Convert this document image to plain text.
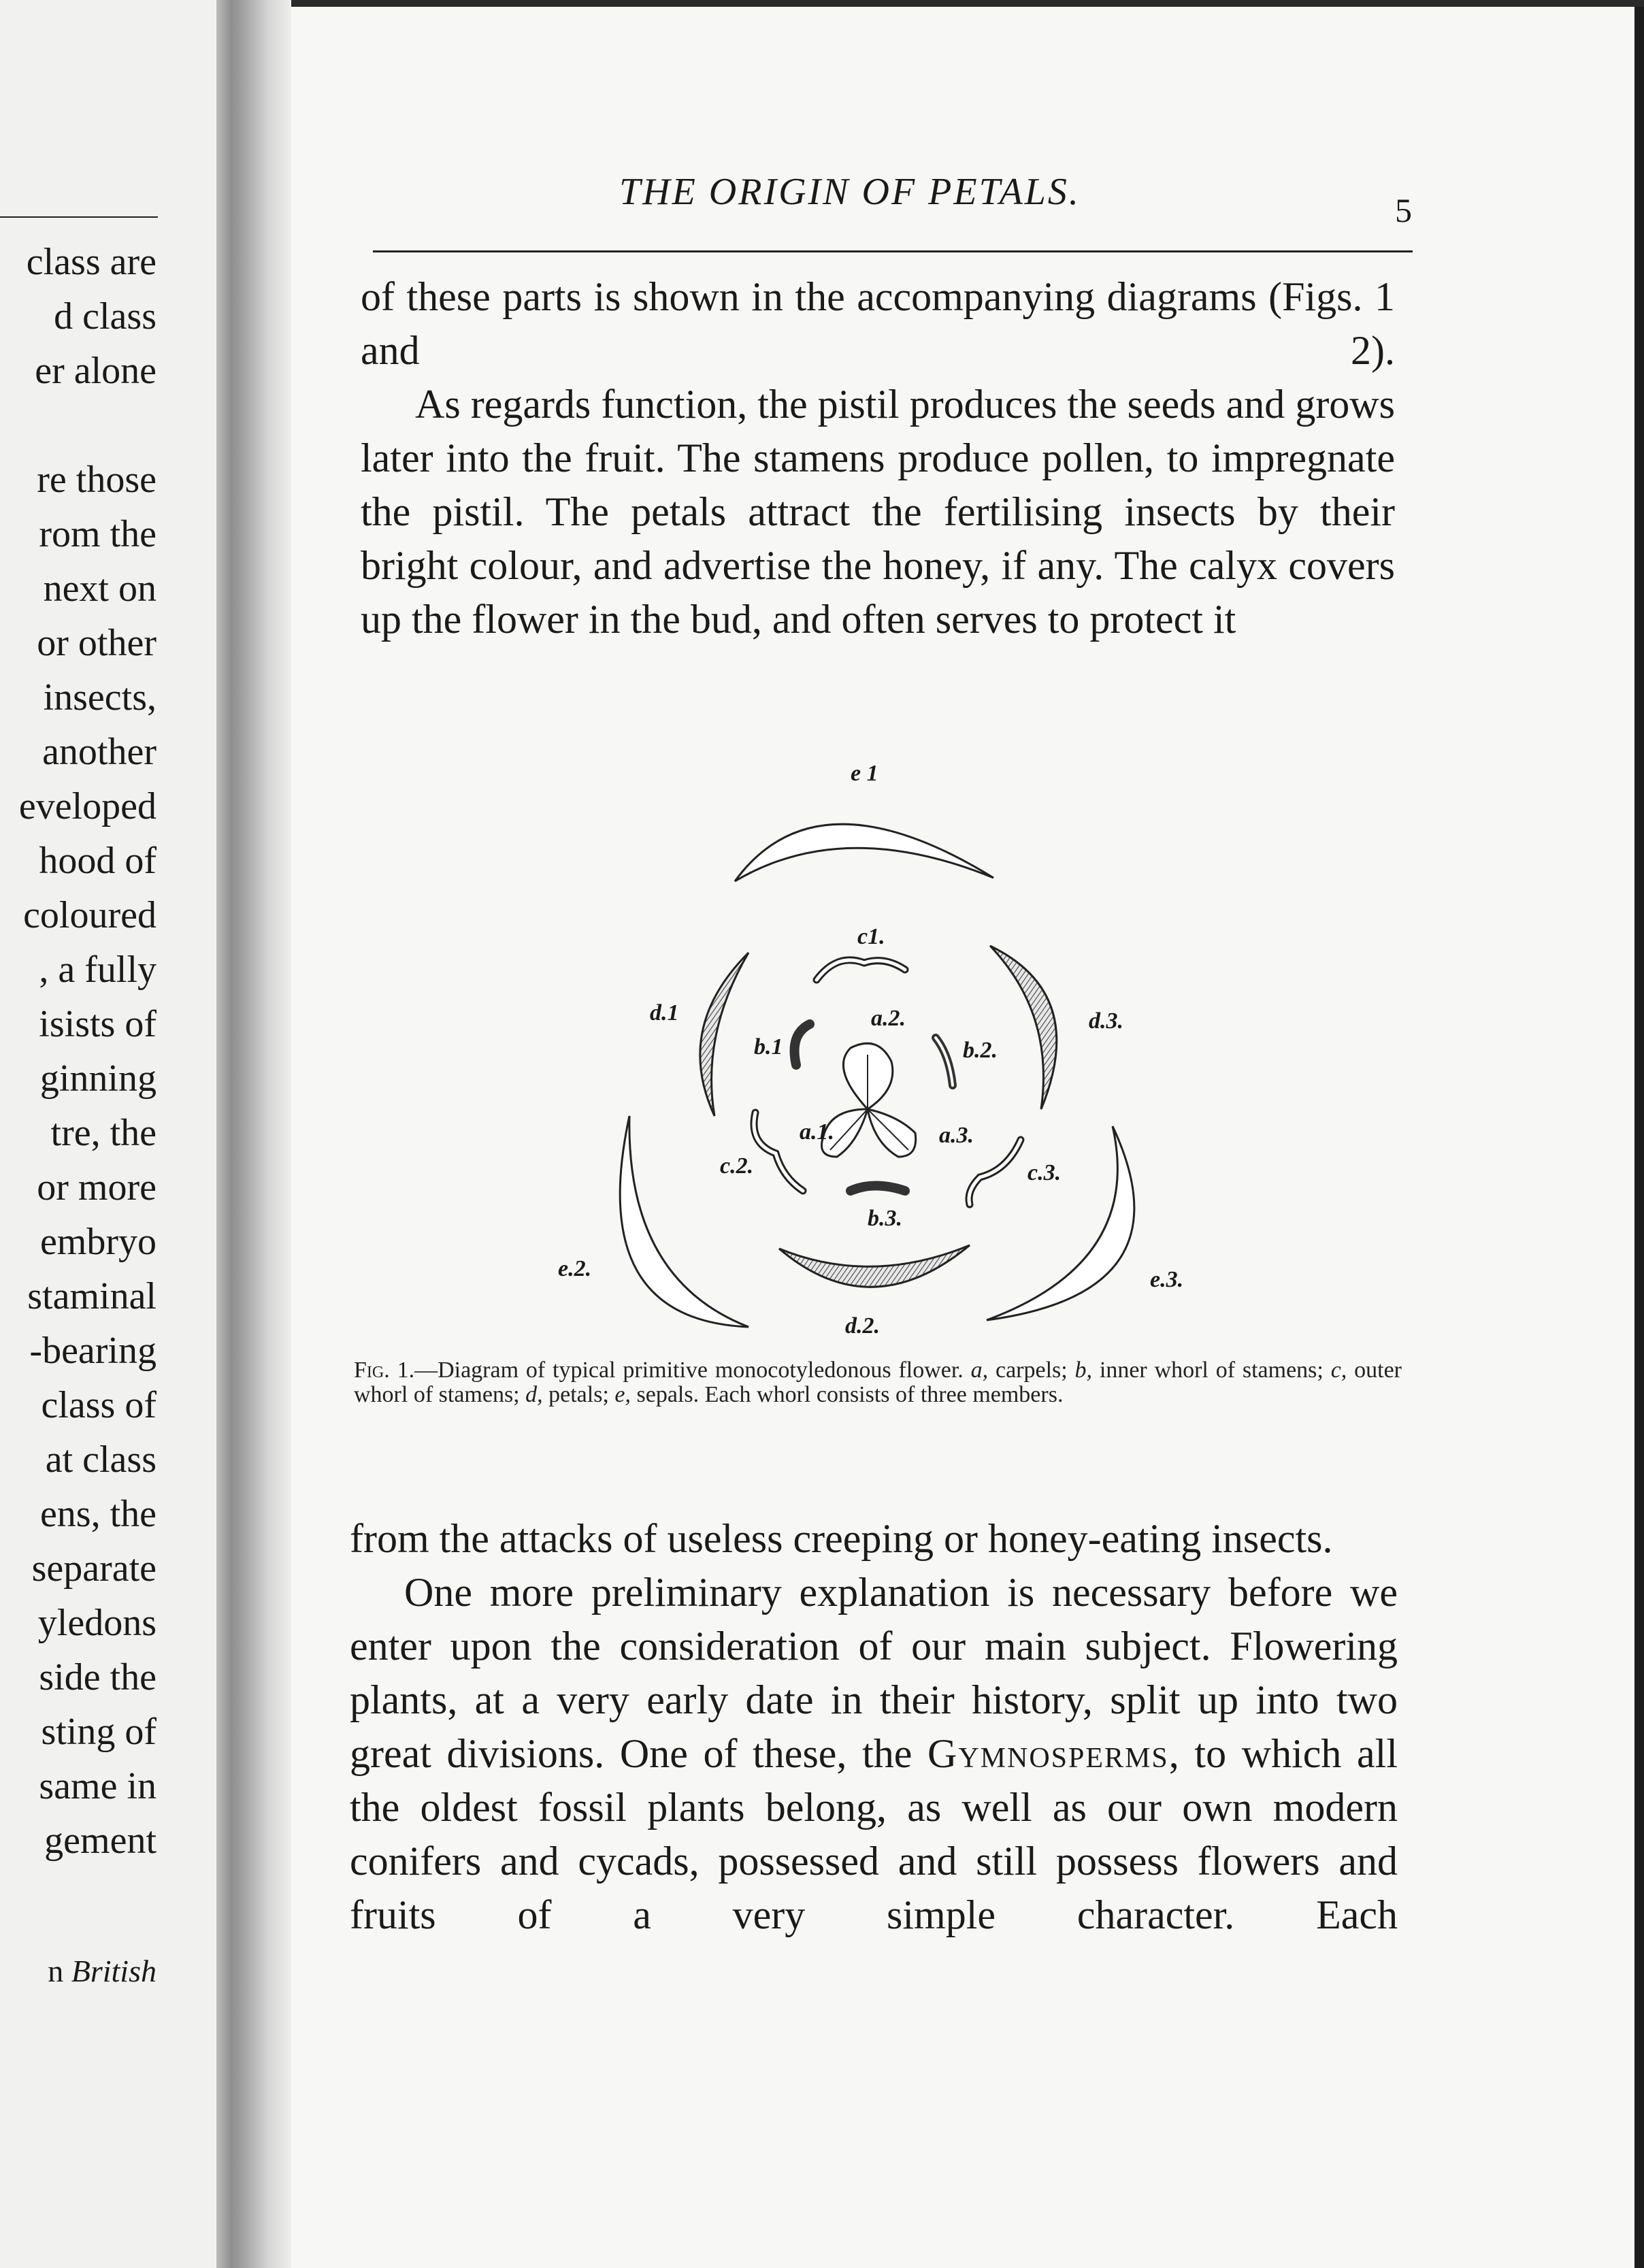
class are
d class
er alone
re those
rom the
next on
or other
insects,
another
eveloped
hood of
coloured
, a fully
isists of
ginning
tre, the
or more
embryo
staminal
-bearing
class of
at class
ens, the
separate
yledons
side the
sting of
same in
gement
n British
THE ORIGIN OF PETALS.	5

of these parts is shown in the accompanying diagrams (Figs. 1 and 2).

As regards function, the pistil produces the seeds and grows later into the fruit. The stamens produce pollen, to impregnate the pistil. The petals attract the fertilising insects by their bright colour, and advertise the honey, if any. The calyx covers up the flower in the bud, and often serves to protect it

e 1
c1.
d.1	d.3.
b.1
a.2.
b.2.
a.1.	a.3.
c.2.	c.3.
b.3.
e.2.	e.3.
d.2.
Fig. 1.—Diagram of typical primitive monocotyledonous flower. a, carpels; b, inner whorl of stamens; c, outer whorl of stamens; d, petals; e, sepals. Each whorl consists of three members.

from the attacks of useless creeping or honey-eating insects.

One more preliminary explanation is necessary before we enter upon the consideration of our main subject. Flowering plants, at a very early date in their history, split up into two great divisions. One of these, the Gymnosperms, to which all the oldest fossil plants belong, as well as our own modern conifers and cycads, possessed and still possess flowers and fruits of a very simple character. Each
